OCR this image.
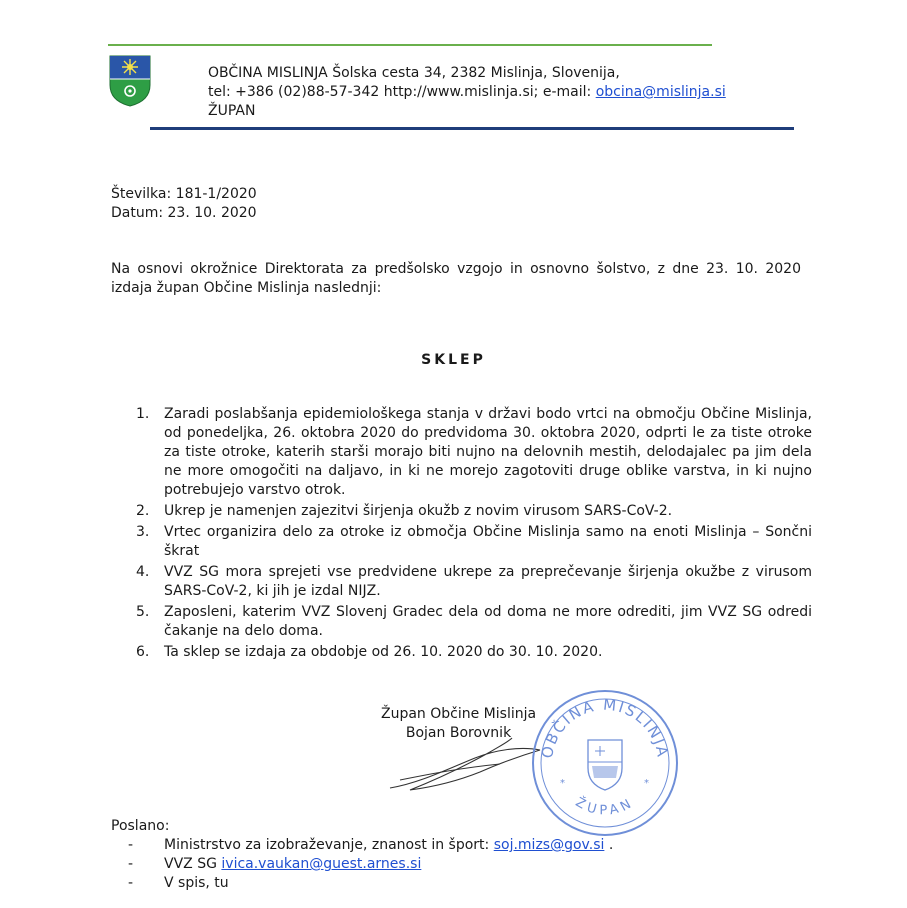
OBČINA MISLINJA Šolska cesta 34, 2382 Mislinja, Slovenija,
tel: +386 (02)88-57-342 http://www.mislinja.si; e-mail: obcina@mislinja.si
ŽUPAN
Številka: 181-1/2020
Datum: 23. 10. 2020
Na osnovi okrožnice Direktorata za predšolsko vzgojo in osnovno šolstvo, z dne 23. 10. 2020 izdaja župan Občine Mislinja naslednji:
SKLEP
1. Zaradi poslabšanja epidemiološkega stanja v državi bodo vrtci na območju Občine Mislinja, od ponedeljka, 26. oktobra 2020 do predvidoma 30. oktobra 2020, odprti le za tiste otroke za tiste otroke, katerih starši morajo biti nujno na delovnih mestih, delodajalec pa jim dela ne more omogočiti na daljavo, in ki ne morejo zagotoviti druge oblike varstva, in ki nujno potrebujejo varstvo otrok.
2. Ukrep je namenjen zajezitvi širjenja okužb z novim virusom SARS-CoV-2.
3. Vrtec organizira delo za otroke iz območja Občine Mislinja samo na enoti Mislinja – Sončni škrat
4. VVZ SG mora sprejeti vse predvidene ukrepe za preprečevanje širjenja okužbe z virusom SARS-CoV-2, ki jih je izdal NIJZ.
5. Zaposleni, katerim VVZ Slovenj Gradec dela od doma ne more odrediti, jim VVZ SG odredi čakanje na delo doma.
6. Ta sklep se izdaja za obdobje od 26. 10. 2020 do 30. 10. 2020.
Župan Občine Mislinja
Bojan Borovnik
OBČINA MISLINJA
ŽUPAN
*	*
Poslano:
- Ministrstvo za izobraževanje, znanost in šport: soj.mizs@gov.si .
- VVZ SG ivica.vaukan@guest.arnes.si
- V spis, tu
